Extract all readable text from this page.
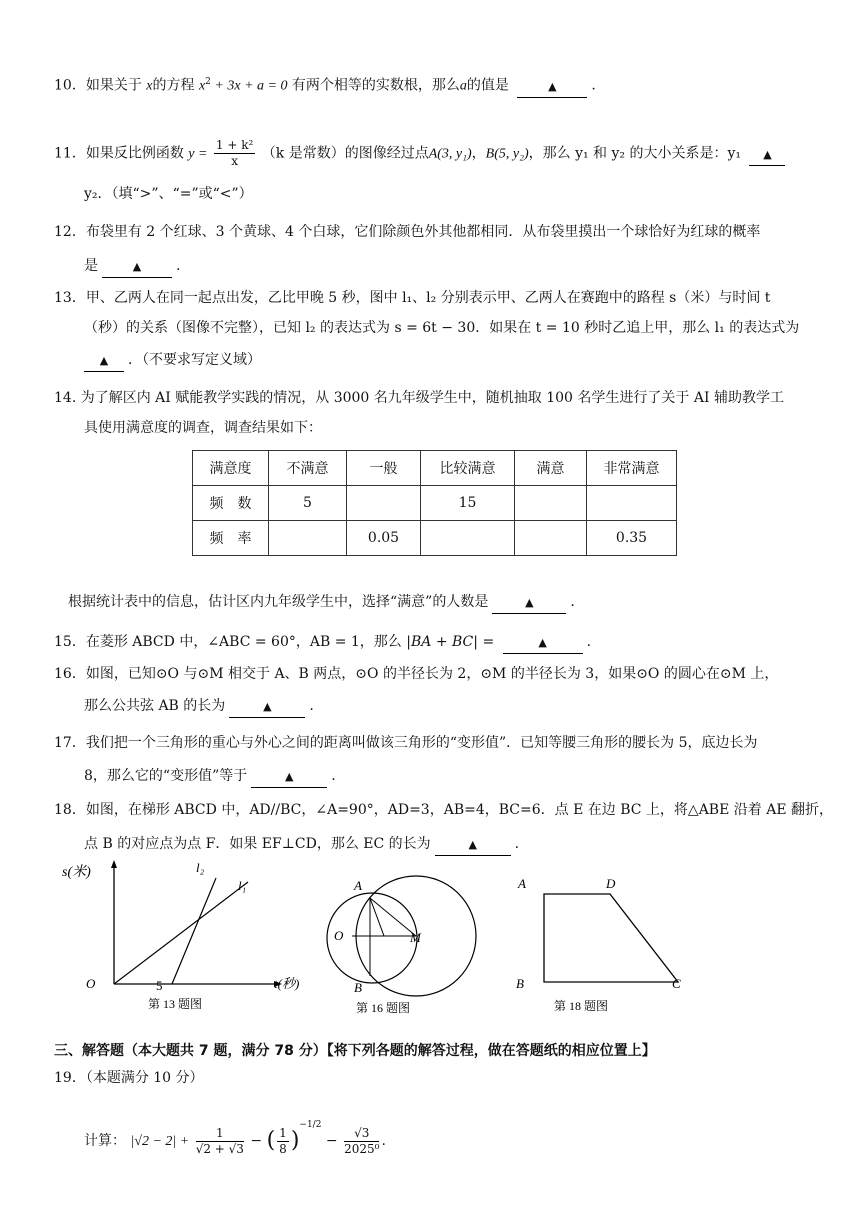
10．如果关于 x的方程 $x^2 + 3x + a = 0$ 有两个相等的实数根，那么a的值是	▲ .
11．如果反比例函数 $y = \frac{\text{1 + k²}}{x} (k$ 是常数）的图像经过点A(3, y₁)，B(5, y₂)，那么 y₁ 和 y₂ 的大小关系是：y₁ ▲
y₂．（填“>”、“=”或“<”）
12．布袋里有 2 个红球、3 个黄球、4 个白球，它们除颜色外其他都相同．从布袋里摸出一个球恰好为红球的概率
是	▲ .
13．甲、乙两人在同一起点出发，乙比甲晚 5 秒，图中 l₁、l₂ 分别表示甲、乙两人在赛跑中的路程 s（米）与时间 t
（秒）的关系（图像不完整），已知 l₂ 的表达式为 s = 6t − 30．如果在 t = 10 秒时乙追上甲，那么 l₁ 的表达式为
▲ ．（不要求写定义域）
14. 为了解区内 AI 赋能教学实践的情况，从 3000 名九年级学生中，随机抽取 100 名学生进行了关于 AI 辅助教学工
具使用满意度的调查，调查结果如下：
满意度	不满意	一般	比较满意	满意	非常满意
频　数	5		15		
频　率		0.05			0.35
根据统计表中的信息，估计区内九年级学生中，选择“满意”的人数是	▲	.
15．在菱形 ABCD 中，∠ABC = 60°，AB = 1，那么 |BA + BC| =	▲	.
16．如图，已知⊙O 与⊙M 相交于 A、B 两点，⊙O 的半径长为 2，⊙M 的半径长为 3，如果⊙O 的圆心在⊙M 上，
那么公共弦 AB 的长为	▲	.
17．我们把一个三角形的重心与外心之间的距离叫做该三角形的“变形值”．已知等腰三角形的腰长为 5，底边长为
8，那么它的“变形值”等于	▲	.
18．如图，在梯形 ABCD 中，AD//BC，∠A=90°，AD=3，AB=4，BC=6．点 E 在边 BC 上，将△ABE 沿着 AE 翻折，
点 B 的对应点为点 F．如果 EF⊥CD，那么 EC 的长为	▲	.
s(米)
t(秒)
O	5
l₁
l₂
第 13 题图
A
B
O	M
第 16 题图
A	D
B	C
第 18 题图
三、解答题（本大题共 7 题，满分 78 分）【将下列各题的解答过程，做在答题纸的相应位置上】
19．（本题满分 10 分）
计算： $|√2 - 2| + \frac{1}{√2 + √3}$ − ( $\frac{1}{8} )^{-1/2} - \frac{√3}{\text{2025⁰}}$ .
